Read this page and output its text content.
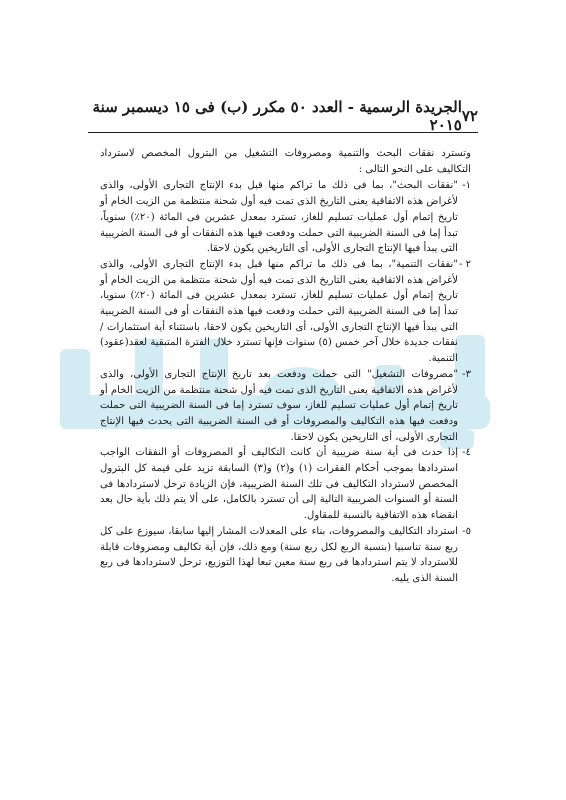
٧٢
الجريدة الرسمية - العدد ٥٠ مكرر (ب) فى ١٥ ديسمبر سنة ٢٠١٥

وتسترد نفقات البحث والتنمية ومصروفات التشغيل من البترول المخصص لاسترداد التكاليف على النحو التالى :

١-
"نفقات البحث"، بما فى ذلك ما تراكم منها قبل بدء الإنتاج التجارى الأولى، والذى لأغراض هذه الاتفاقية يعنى التاريخ الذى تمت فيه أول شحنة منتظمة من الزيت الخام أو تاريخ إتمام أول عمليات تسليم للغاز، تسترد بمعدل عشرين فى المائة (٢٠٪) سنوياً، تبدأ إما فى السنة الضريبية التى حملت ودفعت فيها هذه النفقات أو فى السنة الضريبية التى يبدأ فيها الإنتاج التجارى الأولى، أى التاريخين يكون لاحقا.
٢ -
"نفقات التنمية"، بما فى ذلك ما تراكم منها قبل بدء الإنتاج التجارى الأولى، والذى لأغراض هذه الاتفاقية يعنى التاريخ الذى تمت فيه أول شحنة منتظمة من الزيت الخام أو تاريخ إتمام أول عمليات تسليم للغاز، تسترد بمعدل عشرين فى المائة (٢٠٪) سنويا، تبدأ إما فى السنة الضريبية التى حملت ودفعت فيها هذه النفقات أو فى السنة الضريبية التى يبدأ فيها الإنتاج التجارى الأولى، أى التاريخين يكون لاحقا، باستثناء أية استثمارات / نفقات جديدة خلال آخر خمس (٥) سنوات فإنها تسترد خلال الفترة المتبقية لعقد(عقود) التنمية.
٣-
"مصروفات التشغيل" التى حملت ودفعت بعد تاريخ الإنتاج التجارى الأولى، والذى لأغراض هذه الاتفاقية يعنى التاريخ الذى تمت فيه أول شحنة منتظمة من الزيت الخام أو تاريخ إتمام أول عمليات تسليم للغاز، سوف تسترد إما فى السنة الضريبية التى حملت ودفعت فيها هذه التكاليف والمصروفات أو فى السنة الضريبية التى يحدث فيها الإنتاج التجارى الأولى، أى التاريخين يكون لاحقا.
٤-
إذا حدث فى أية سنة ضريبية أن كانت التكاليف أو المصروفات أو النفقات الواجب استردادها بموجب أحكام الفقرات (١) و(٢) و(٣) السابقة تزيد على قيمة كل البترول المخصص لاسترداد التكاليف فى تلك السنة الضريبية، فإن الزيادة ترحل لاستردادها فى السنة أو السنوات الضريبية التالية إلى أن تسترد بالكامل، على ألا يتم ذلك بأية حال بعد انقضاء هذه الاتفاقية بالنسبة للمقاول.
٥-
استرداد التكاليف والمصروفات، بناء على المعدلات المشار إليها سابقا، سيوزع على كل ربع سنة تناسبيا (بنسبة الربع لكل ربع سنة) ومع ذلك، فإن أية تكاليف ومصروفات قابلة للاسترداد لا يتم استردادها فى ربع سنة معين تبعا لهذا التوزيع، ترحل لاستردادها فى ربع السنة الذى يليه.
